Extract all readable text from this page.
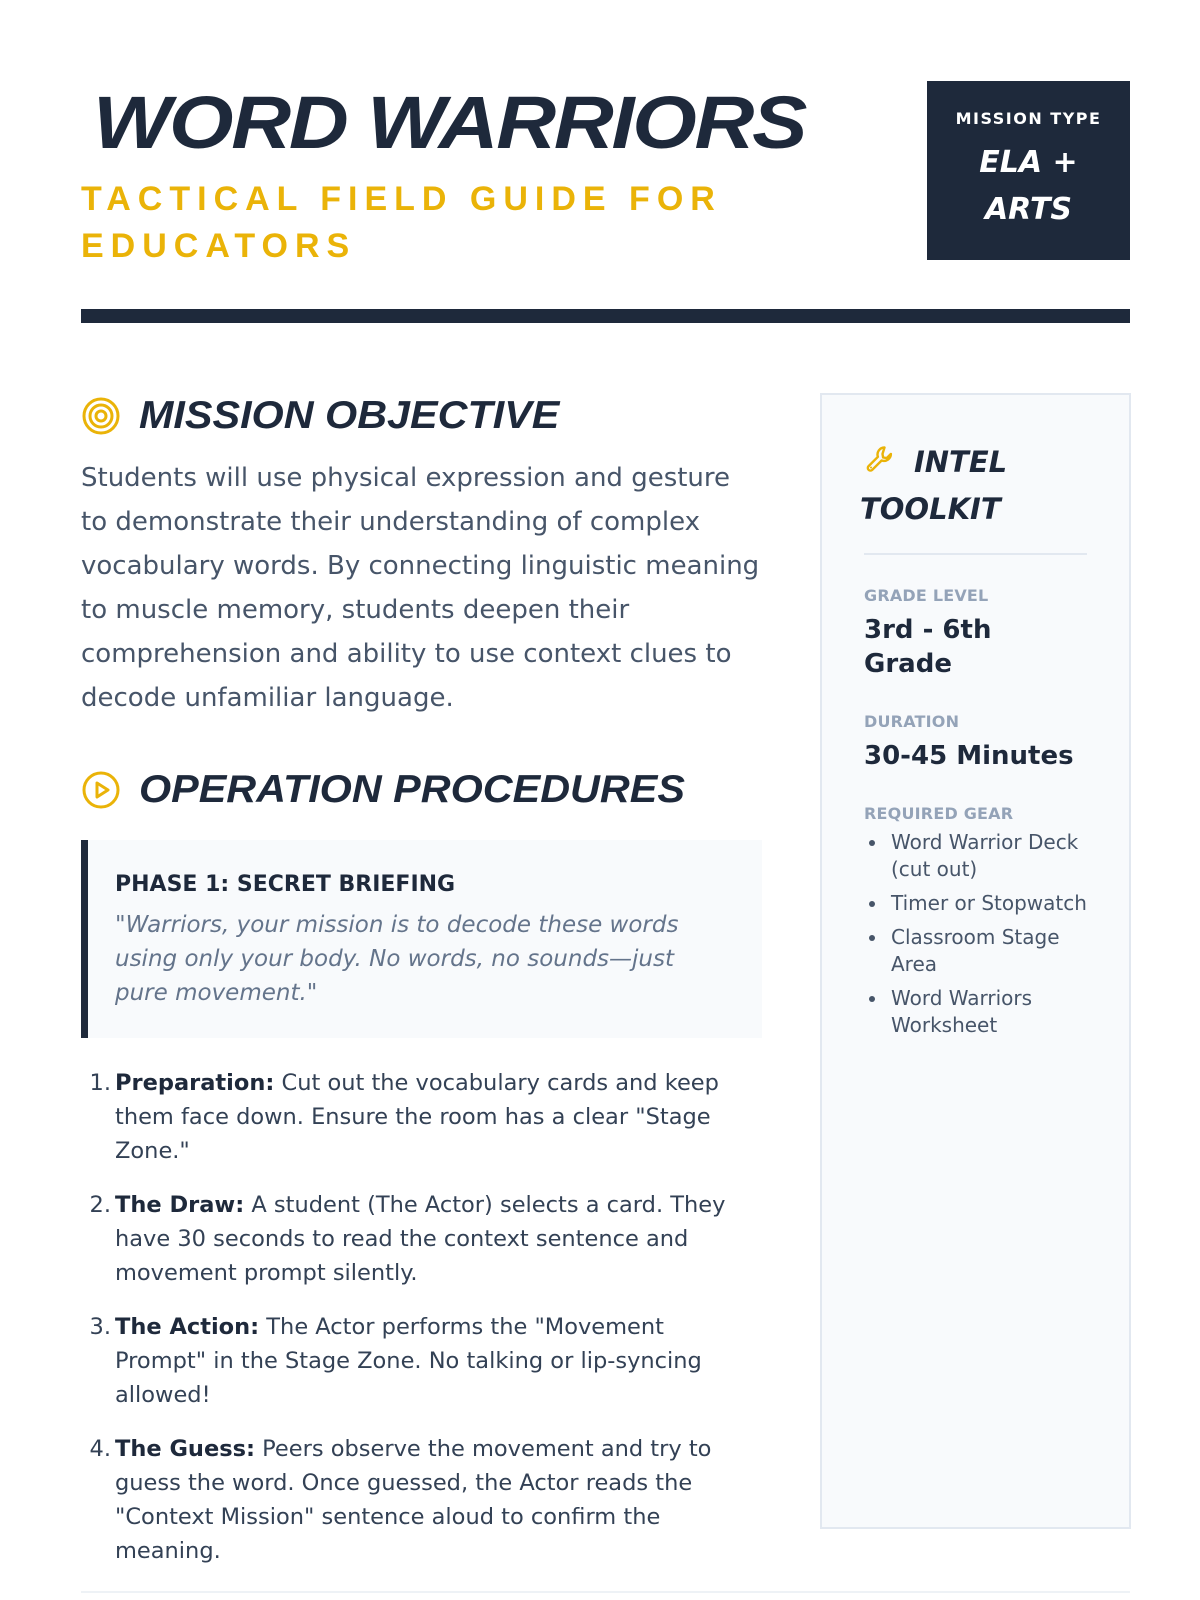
WORD WARRIORS
TACTICAL FIELD GUIDE FOR EDUCATORS
MISSION TYPE
ELA + ARTS
MISSION OBJECTIVE

Students will use physical expression and gesture to demonstrate their understanding of complex vocabulary words. By connecting linguistic meaning to muscle memory, students deepen their comprehension and ability to use context clues to decode unfamiliar language.

OPERATION PROCEDURES
PHASE 1: SECRET BRIEFING
"Warriors, your mission is to decode these words using only your body. No words, no sounds—just pure movement."
1. Preparation: Cut out the vocabulary cards and keep them face down. Ensure the room has a clear "Stage Zone."
2. The Draw: A student (The Actor) selects a card. They have 30 seconds to read the context sentence and movement prompt silently.
3. The Action: The Actor performs the "Movement Prompt" in the Stage Zone. No talking or lip-syncing allowed!
4. The Guess: Peers observe the movement and try to guess the word. Once guessed, the Actor reads the "Context Mission" sentence aloud to confirm the meaning.
INTEL
TOOLKIT
GRADE LEVEL
3rd - 6th Grade
DURATION
30-45 Minutes
REQUIRED GEAR
Word Warrior Deck (cut out)
Timer or Stopwatch
Classroom Stage Area
Word Warriors Worksheet
